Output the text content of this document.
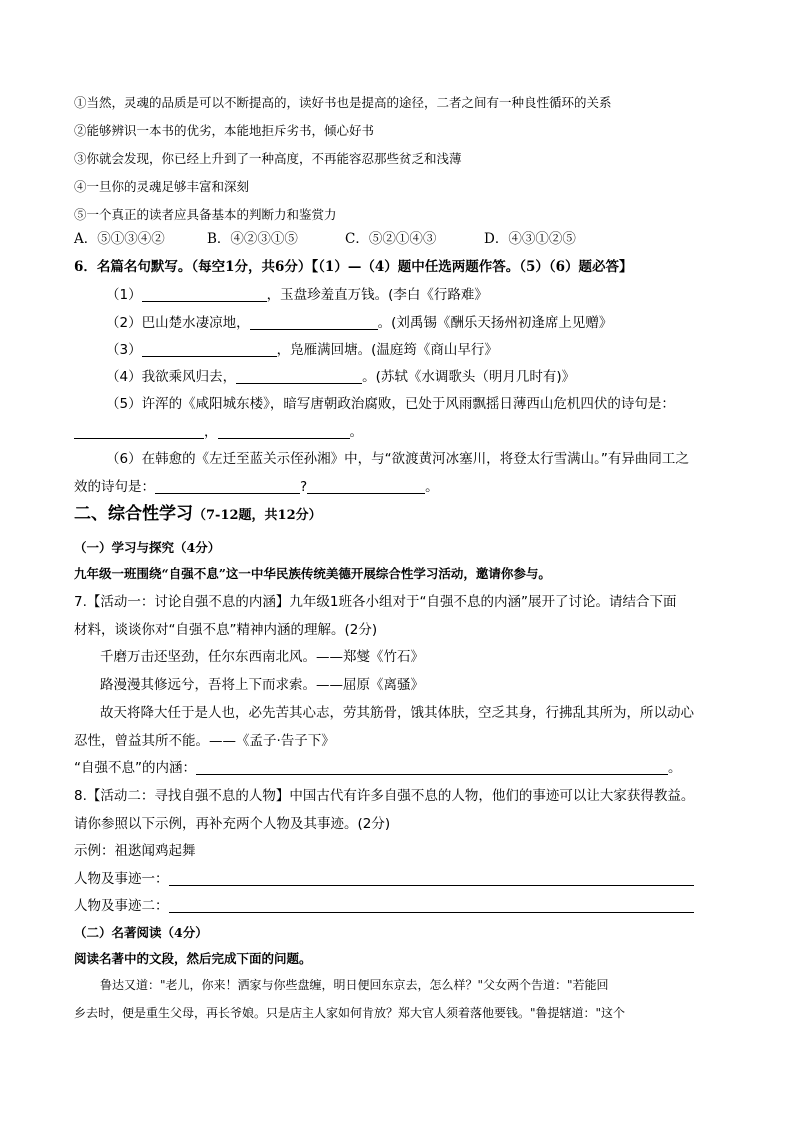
①当然，灵魂的品质是可以不断提高的，读好书也是提高的途径，二者之间有一种良性循环的关系
②能够辨识一本书的优劣，本能地拒斥劣书，倾心好书
③你就会发现，你已经上升到了一种高度，不再能容忍那些贫乏和浅薄
④一旦你的灵魂足够丰富和深刻
⑤一个真正的读者应具备基本的判断力和鉴赏力
A．⑤①③④②	B．④②③①⑤	C．⑤②①④③	D．④③①②⑤
6．名篇名句默写。（每空1分，共6分）【（1）—（4）题中任选两题作答。（5）（6）题必答】
（1）	，玉盘珍羞直万钱。(李白《行路难》
（2）巴山楚水凄凉地，	。(刘禹锡《酬乐天扬州初逢席上见赠》
（3）	，凫雁满回塘。(温庭筠《商山早行》
（4）我欲乘风归去，	。(苏轼《水调歌头（明月几时有)》
（5）许浑的《咸阳城东楼》，暗写唐朝政治腐败，已处于风雨飘摇日薄西山危机四伏的诗句是：
，	。
（6）在韩愈的《左迁至蓝关示侄孙湘》中，与“欲渡黄河冰塞川，将登太行雪满山。”有异曲同工之
效的诗句是：	?	。
二、综合性学习（7-12题，共12分）
（一）学习与探究（4分）
九年级一班围绕“自强不息”这一中华民族传统美德开展综合性学习活动，邀请你参与。
7.【活动一：讨论自强不息的内涵】九年级1班各小组对于“自强不息的内涵”展开了讨论。请结合下面
材料，谈谈你对“自强不息”精神内涵的理解。(2分)
千磨万击还坚劲，任尔东西南北风。——郑燮《竹石》
路漫漫其修远兮，吾将上下而求索。——屈原《离骚》
故天将降大任于是人也，必先苦其心志，劳其筋骨，饿其体肤，空乏其身，行拂乱其所为，所以动心
忍性，曾益其所不能。——《孟子·告子下》
“自强不息”的内涵：	。
8.【活动二：寻找自强不息的人物】中国古代有许多自强不息的人物，他们的事迹可以让大家获得教益。
请你参照以下示例，再补充两个人物及其事迹。(2分)
示例：祖逖闻鸡起舞
人物及事迹一：
人物及事迹二：
（二）名著阅读（4分）
阅读名著中的文段，然后完成下面的问题。
鲁达又道："老儿，你来！洒家与你些盘缠，明日便回东京去，怎么样？"父女两个告道："若能回
乡去时，便是重生父母，再长爷娘。只是店主人家如何肯放？郑大官人须着落他要钱。"鲁提辖道："这个
